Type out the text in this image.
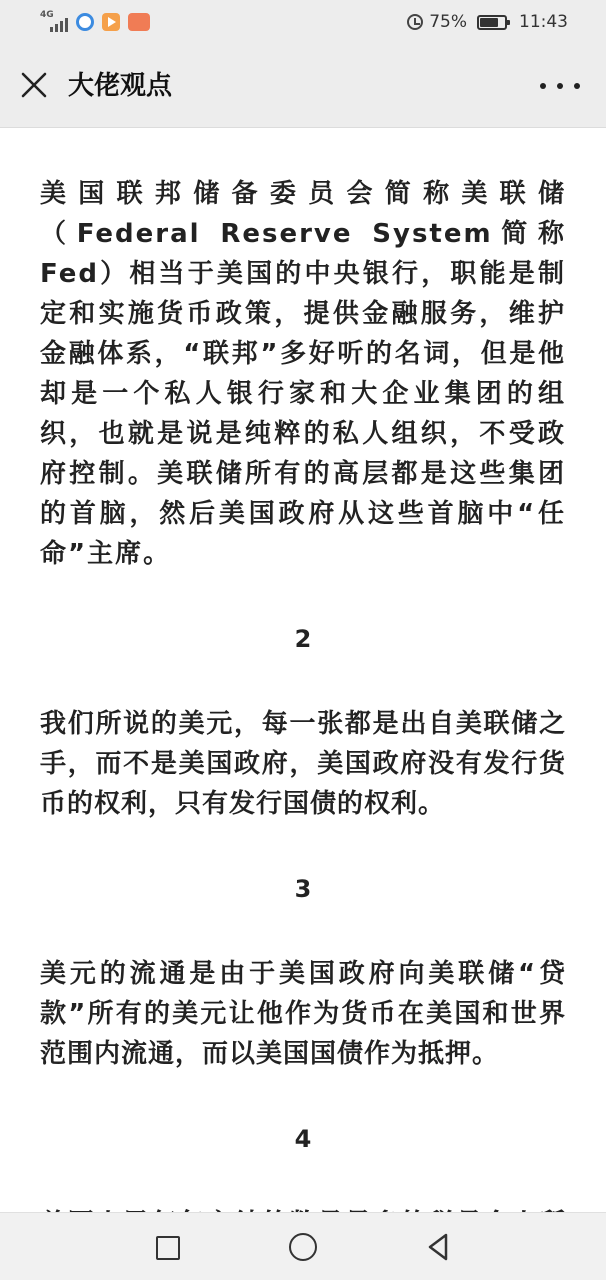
4G	75%	11:43
大佬观点

美国联邦储备委员会简称美联储（Federal Reserve System简称Fed）相当于美国的中央银行，职能是制定和实施货币政策，提供金融服务，维护金融体系，“联邦”多好听的名词，但是他却是一个私人银行家和大企业集团的组织，也就是说是纯粹的私人组织，不受政府控制。美联储所有的高层都是这些集团的首脑，然后美国政府从这些首脑中“任命”主席。

2

我们所说的美元，每一张都是出自美联储之手，而不是美国政府，美国政府没有发行货币的权利，只有发行国债的权利。

3

美元的流通是由于美国政府向美联储“贷款”所有的美元让他作为货币在美国和世界范围内流通，而以美国国债作为抵押。

4
